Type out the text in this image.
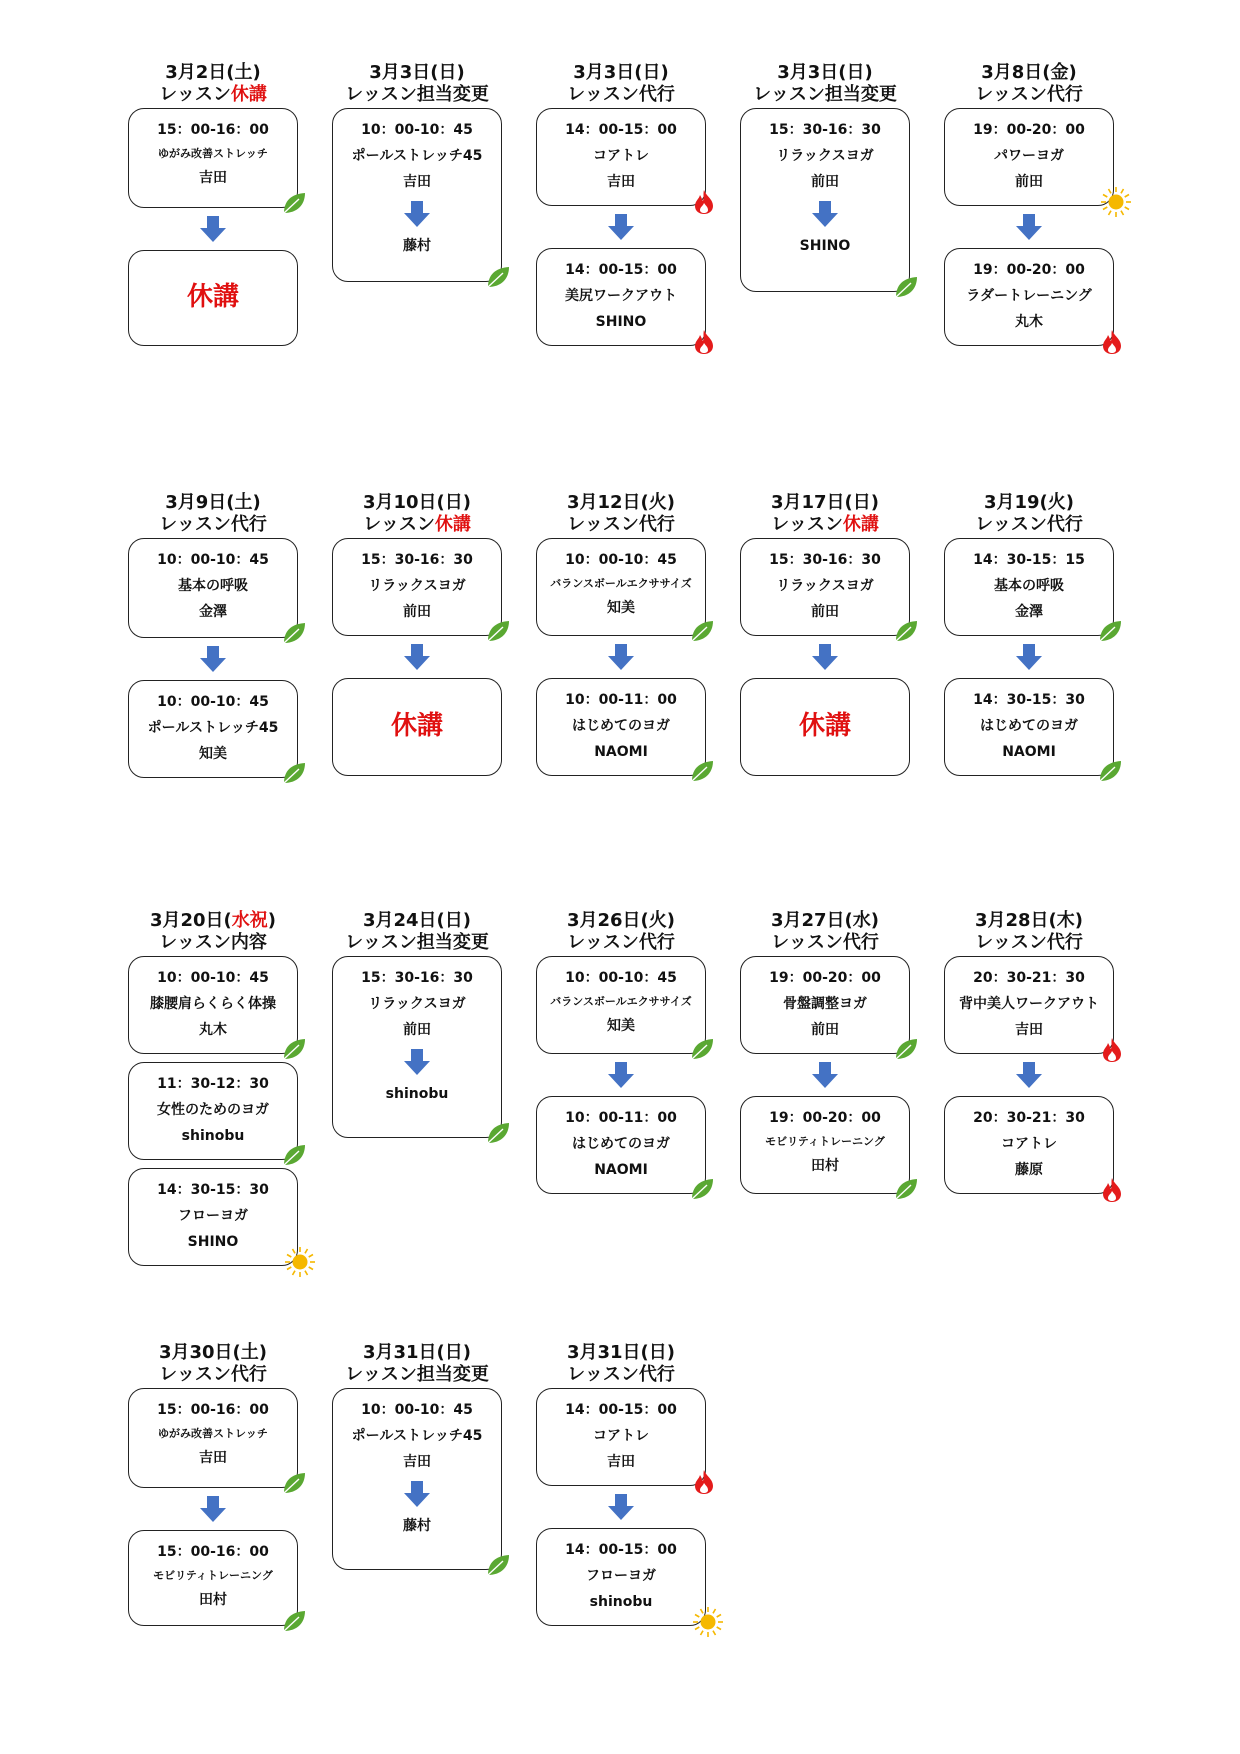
3月2日(土)
レッスン休講
15：00-16：00
ゆがみ改善ストレッチ
吉田
休講
3月3日(日)
レッスン担当変更
10：00-10：45
ポールストレッチ45
吉田
藤村
3月3日(日)
レッスン代行
14：00-15：00
コアトレ
吉田
14：00-15：00
美尻ワークアウト
SHINO
3月3日(日)
レッスン担当変更
15：30-16：30
リラックスヨガ
前田
SHINO
3月8日(金)
レッスン代行
19：00-20：00
パワーヨガ
前田
19：00-20：00
ラダートレーニング
丸木
3月9日(土)
レッスン代行
10：00-10：45
基本の呼吸
金澤
10：00-10：45
ポールストレッチ45
知美
3月10日(日)
レッスン休講
15：30-16：30
リラックスヨガ
前田
休講
3月12日(火)
レッスン代行
10：00-10：45
バランスボールエクササイズ
知美
10：00-11：00
はじめてのヨガ
NAOMI
3月17日(日)
レッスン休講
15：30-16：30
リラックスヨガ
前田
休講
3月19(火)
レッスン代行
14：30-15：15
基本の呼吸
金澤
14：30-15：30
はじめてのヨガ
NAOMI
3月20日(水祝)
レッスン内容
10：00-10：45
膝腰肩らくらく体操
丸木
11：30-12：30
女性のためのヨガ
shinobu
14：30-15：30
フローヨガ
SHINO
3月24日(日)
レッスン担当変更
15：30-16：30
リラックスヨガ
前田
shinobu
3月26日(火)
レッスン代行
10：00-10：45
バランスボールエクササイズ
知美
10：00-11：00
はじめてのヨガ
NAOMI
3月27日(水)
レッスン代行
19：00-20：00
骨盤調整ヨガ
前田
19：00-20：00
モビリティトレーニング
田村
3月28日(木)
レッスン代行
20：30-21：30
背中美人ワークアウト
吉田
20：30-21：30
コアトレ
藤原
3月30日(土)
レッスン代行
15：00-16：00
ゆがみ改善ストレッチ
吉田
15：00-16：00
モビリティトレーニング
田村
3月31日(日)
レッスン担当変更
10：00-10：45
ポールストレッチ45
吉田
藤村
3月31日(日)
レッスン代行
14：00-15：00
コアトレ
吉田
14：00-15：00
フローヨガ
shinobu
